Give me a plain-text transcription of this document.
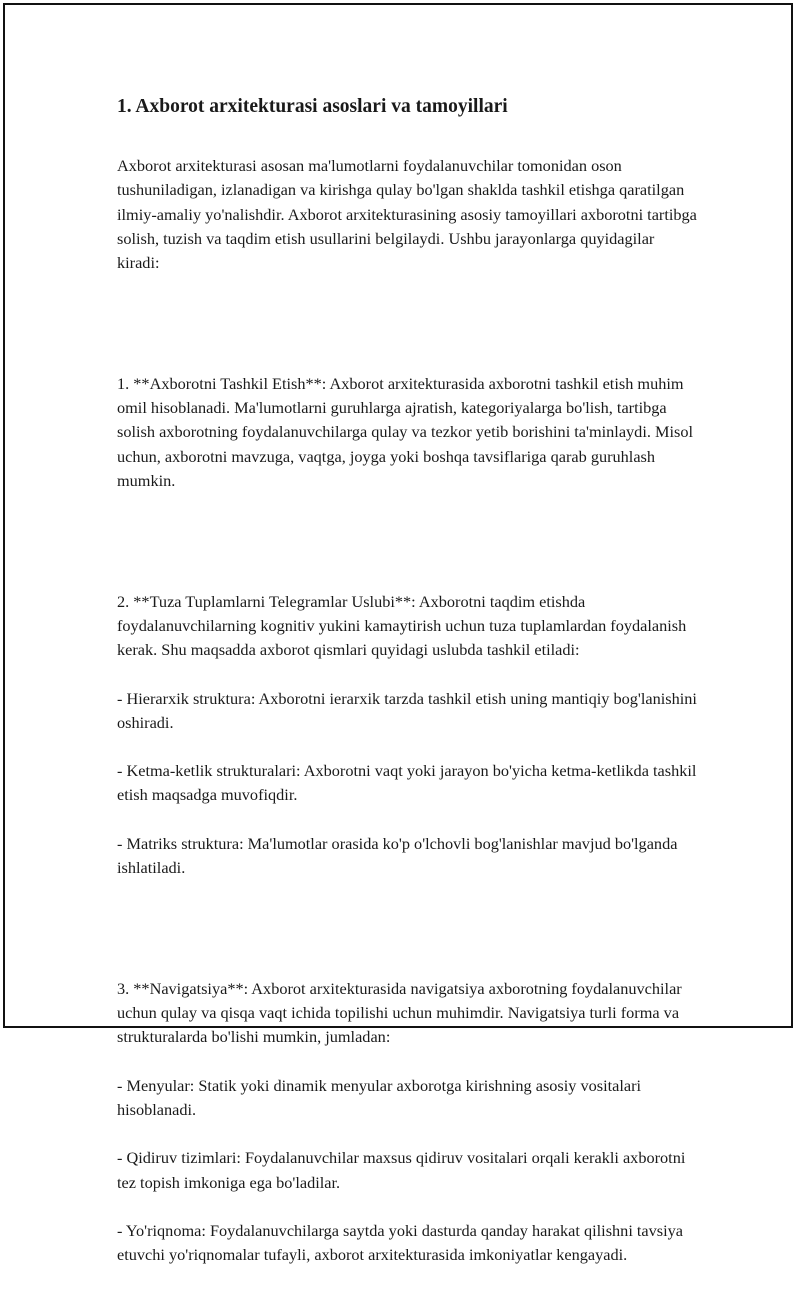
1. Axborot arxitekturasi asoslari va tamoyillari

Axborot arxitekturasi asosan ma'lumotlarni foydalanuvchilar tomonidan oson tushuniladigan, izlanadigan va kirishga qulay bo'lgan shaklda tashkil etishga qaratilgan ilmiy-amaliy yo'nalishdir. Axborot arxitekturasining asosiy tamoyillari axborotni tartibga solish, tuzish va taqdim etish usullarini belgilaydi. Ushbu jarayonlarga quyidagilar kiradi:

1. **Axborotni Tashkil Etish**: Axborot arxitekturasida axborotni tashkil etish muhim omil hisoblanadi. Ma'lumotlarni guruhlarga ajratish, kategoriyalarga bo'lish, tartibga solish axborotning foydalanuvchilarga qulay va tezkor yetib borishini ta'minlaydi. Misol uchun, axborotni mavzuga, vaqtga, joyga yoki boshqa tavsiflariga qarab guruhlash mumkin.

2. **Tuza Tuplamlarni Telegramlar Uslubi**: Axborotni taqdim etishda foydalanuvchilarning kognitiv yukini kamaytirish uchun tuza tuplamlardan foydalanish kerak. Shu maqsadda axborot qismlari quyidagi uslubda tashkil etiladi:

- Hierarxik struktura: Axborotni ierarxik tarzda tashkil etish uning mantiqiy bog'lanishini oshiradi.

- Ketma-ketlik strukturalari: Axborotni vaqt yoki jarayon bo'yicha ketma-ketlikda tashkil etish maqsadga muvofiqdir.

- Matriks struktura: Ma'lumotlar orasida ko'p o'lchovli bog'lanishlar mavjud bo'lganda ishlatiladi.

3. **Navigatsiya**: Axborot arxitekturasida navigatsiya axborotning foydalanuvchilar uchun qulay va qisqa vaqt ichida topilishi uchun muhimdir. Navigatsiya turli forma va strukturalarda bo'lishi mumkin, jumladan:

- Menyular: Statik yoki dinamik menyular axborotga kirishning asosiy vositalari hisoblanadi.

- Qidiruv tizimlari: Foydalanuvchilar maxsus qidiruv vositalari orqali kerakli axborotni tez topish imkoniga ega bo'ladilar.

- Yo'riqnoma: Foydalanuvchilarga saytda yoki dasturda qanday harakat qilishni tavsiya etuvchi yo'riqnomalar tufayli, axborot arxitekturasida imkoniyatlar kengayadi.
